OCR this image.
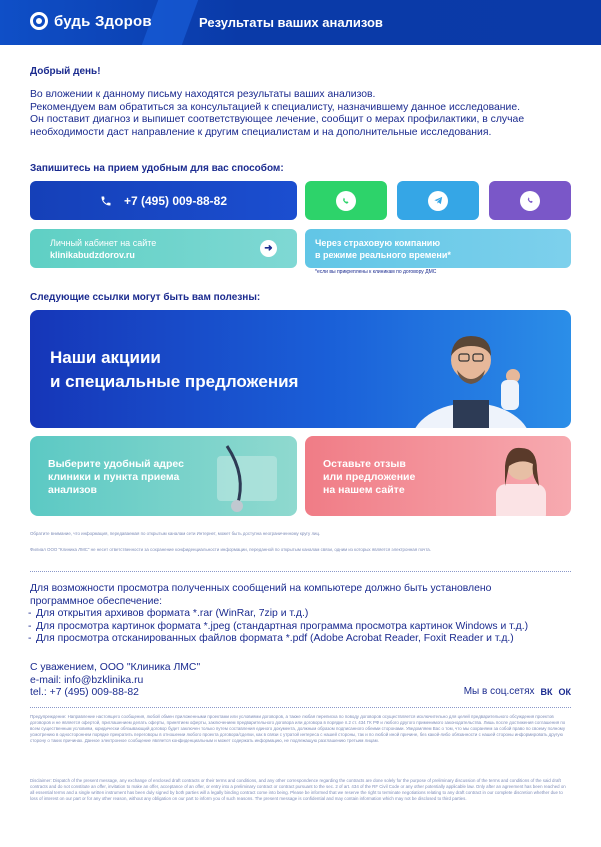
будь Здоров	Результаты ваших анализов
Добрый день!
Во вложении к данному письму находятся результаты ваших анализов.
Рекомендуем вам обратиться за консультацией к специалисту, назначившему данное исследование.
Он поставит диагноз и выпишет соответствующее лечение, сообщит о мерах профилактики, в случае
необходимости даст направление к другим специалистам и на дополнительные исследования.
Запишитесь на прием удобным для вас способом:
+7 (495) 009-88-82
Личный кабинет на сайте
klinikabudzdorov.ru
➜
Через страховую компанию
в режиме реального времени*
*если вы прикреплены к клиникам по договору ДМС
Следующие ссылки могут быть вам полезны:
Наши акциии
и специальные предложения
Выберите удобный адрес
клиники и пункта приема
анализов
Оставьте отзыв
или предложение
на нашем сайте
Обратите внимание, что информация, передаваемая по открытым каналам сети Интернет, может быть доступна неограниченному кругу лиц.
Филиал ООО "Клиника ЛМС" не несет ответственности за сохранение конфиденциальности информации, переданной по открытым каналам связи, одним из которых является электронная почта.
Для возможности просмотра полученных сообщений на компьютере должно быть установлено
программное обеспечение:
- Для открытия архивов формата *.rar (WinRar, 7zip и т.д.)
- Для просмотра картинок формата *.jpeg (стандартная программа просмотра картинок Windows и т.д.)
- Для просмотра отсканированных файлов формата *.pdf (Adobe Acrobat Reader, Foxit Reader и т.д.)
С уважением, ООО "Клиника ЛМС"
e-mail: info@bzklinika.ru
tel.: +7 (495) 009-88-82	Мы в соц.сетях ВК ОК
Предупреждение: Направление настоящего сообщения, любой обмен приложенными проектами или условиями договоров, а также любая переписка по поводу договоров осуществляется исключительно для целей предварительного обсуждения проектов договоров и не является офертой, приглашением делать оферты, принятием оферты, заключением предварительного договора или договора в порядке п.2 ст. 434 ГК РФ и любого другого применимого законодательства. Лишь после достижения соглашения по всем существенным условиям, юридически обязывающий договор будет заключен только путем составления единого документа, должным образом подписанного обеими сторонами. Уведомляем Вас о том, что мы сохраняем за собой право по своему полному усмотрению в одностороннем порядке прекратить переговоры в отношении любого проекта договора/сделки, как в связи с утратой интереса с нашей стороны, так и по любой иной причине, без какой-либо обязанности с нашей стороны информировать другую сторону о таких причинах. Данное электронное сообщение является конфиденциальным и может содержать информацию, не подлежащую разглашению третьим лицам.
Disclaimer: Dispatch of the present message, any exchange of enclosed draft contracts or their terms and conditions, and any other correspondence regarding the contracts are done solely for the purpose of preliminary discussion of the terms and conditions of the said draft contracts and do not constitute an offer, invitation to make an offer, acceptance of an offer, or entry into a preliminary contract or contract pursuant to the sec. 2 of art. 434 of the RF Civil Code or any other potentially applicable law. Only after an agreement has been reached on all essential terms and a single written instrument has been duly signed by both parties will a legally binding contract come into being. Please be informed that we reserve the right to terminate negotiations relating to any draft contract in our complete discretion whether due to loss of interest on our part or for any other reason, without any obligation on our part to inform you of such reasons. The present message is confidential and may contain information which may not be disclosed to third parties.
